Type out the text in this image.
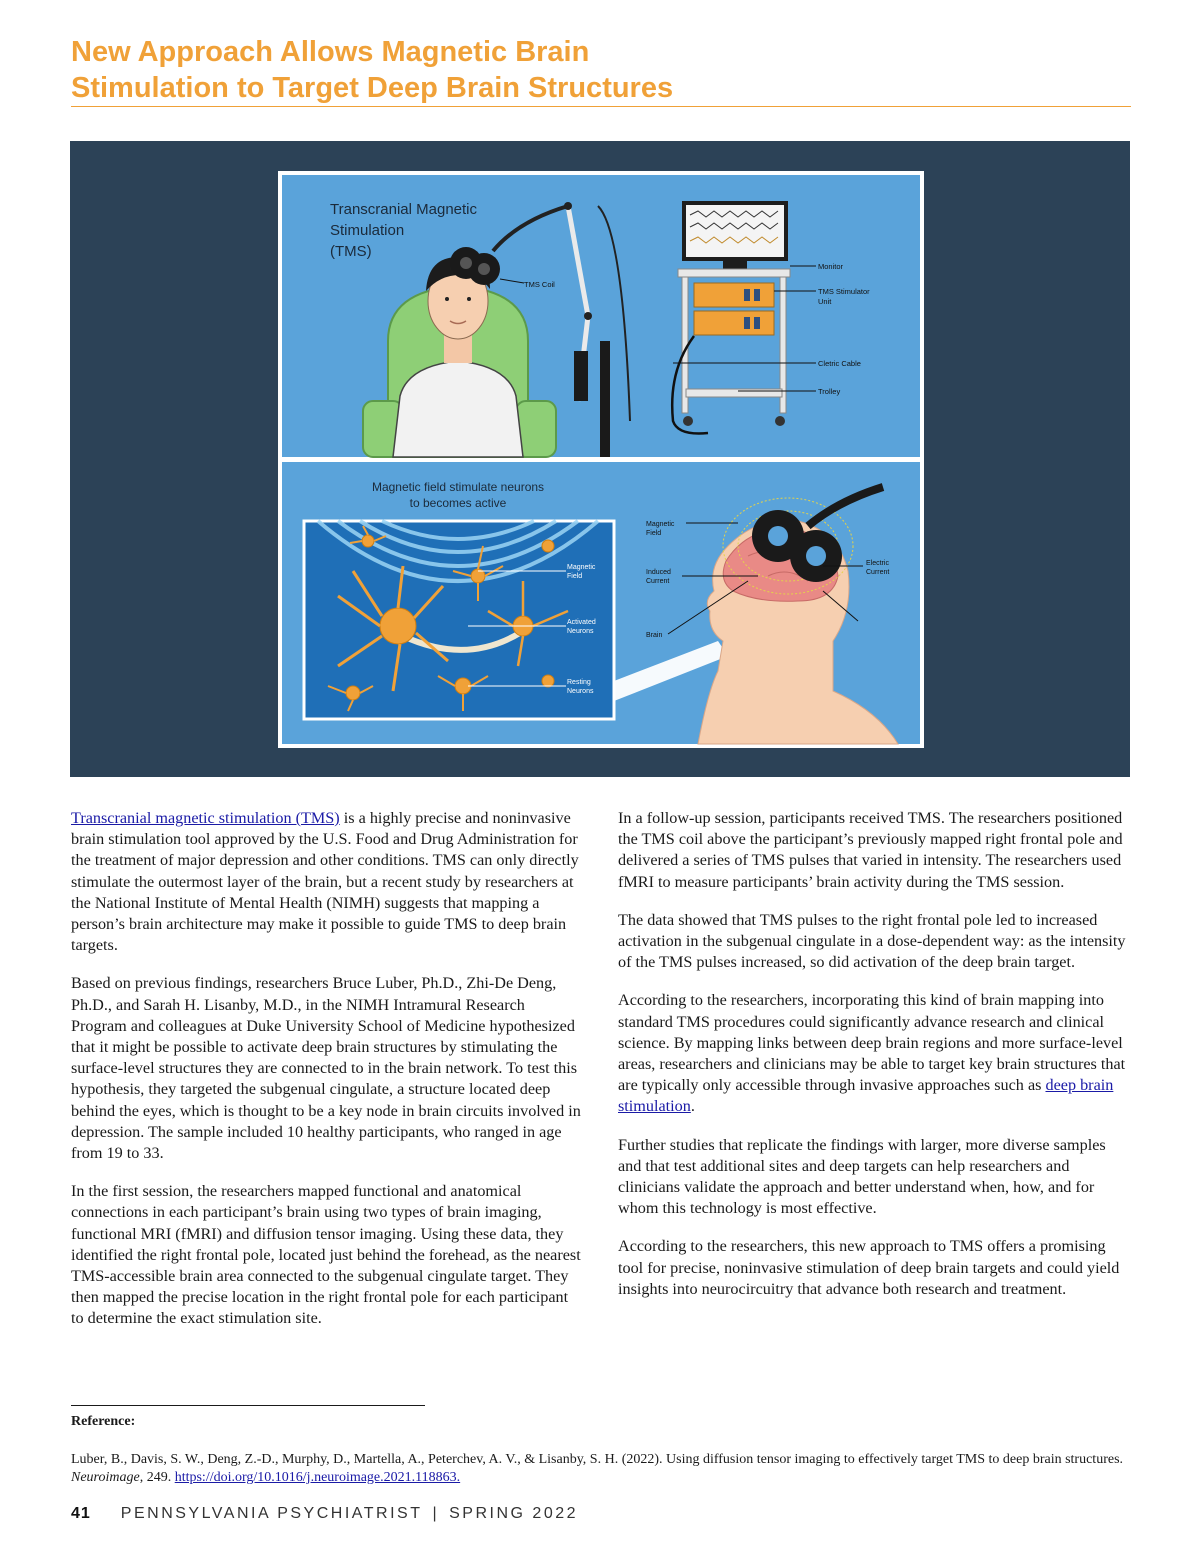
New Approach Allows Magnetic Brain
Stimulation to Target Deep Brain Structures
Transcranial Magnetic
Stimulation
(TMS)
TMS Coil
Monitor
TMS Stimulator
Unit
Cletric Cable
Trolley
Magnetic field stimulate neurons
to becomes active
Magnetic
Field
Activated
Neurons
Resting
Neurons
Magnetic
Field
Induced
Current
Brain
Electric
Current

Transcranial magnetic stimulation (TMS) is a highly precise and noninvasive brain stimulation tool approved by the U.S. Food and Drug Administration for the treatment of major depression and other conditions. TMS can only directly stimulate the outermost layer of the brain, but a recent study by researchers at the National Institute of Mental Health (NIMH) suggests that mapping a person’s brain architecture may make it possible to guide TMS to deep brain targets.

Based on previous findings, researchers Bruce Luber, Ph.D., Zhi-De Deng, Ph.D., and Sarah H. Lisanby, M.D., in the NIMH Intramural Research Program and colleagues at Duke University School of Medicine hypothesized that it might be possible to activate deep brain structures by stimulating the surface-level structures they are connected to in the brain network. To test this hypothesis, they targeted the subgenual cingulate, a structure located deep behind the eyes, which is thought to be a key node in brain circuits involved in depression. The sample included 10 healthy participants, who ranged in age from 19 to 33.

In the first session, the researchers mapped functional and anatomical connections in each participant’s brain using two types of brain imaging, functional MRI (fMRI) and diffusion tensor imaging. Using these data, they identified the right frontal pole, located just behind the forehead, as the nearest TMS-accessible brain area connected to the subgenual cingulate target. They then mapped the precise location in the right frontal pole for each participant to determine the exact stimulation site.

In a follow-up session, participants received TMS. The researchers positioned the TMS coil above the participant’s previously mapped right frontal pole and delivered a series of TMS pulses that varied in intensity. The researchers used fMRI to measure participants’ brain activity during the TMS session.

The data showed that TMS pulses to the right frontal pole led to increased activation in the subgenual cingulate in a dose-dependent way: as the intensity of the TMS pulses increased, so did activation of the deep brain target.

According to the researchers, incorporating this kind of brain mapping into standard TMS procedures could significantly advance research and clinical science. By mapping links between deep brain regions and more surface-level areas, researchers and clinicians may be able to target key brain structures that are typically only accessible through invasive approaches such as deep brain stimulation.

Further studies that replicate the findings with larger, more diverse samples and that test additional sites and deep targets can help researchers and clinicians validate the approach and better understand when, how, and for whom this technology is most effective.

According to the researchers, this new approach to TMS offers a promising tool for precise, noninvasive stimulation of deep brain targets and could yield insights into neurocircuitry that advance both research and treatment.

Reference:

Luber, B., Davis, S. W., Deng, Z.-D., Murphy, D., Martella, A., Peterchev, A. V., & Lisanby, S. H. (2022). Using diffusion tensor imaging to effectively target TMS to deep brain structures. Neuroimage, 249. https://doi.org/10.1016/j.neuroimage.2021.118863.

41 PENNSYLVANIA PSYCHIATRIST | SPRING 2022
